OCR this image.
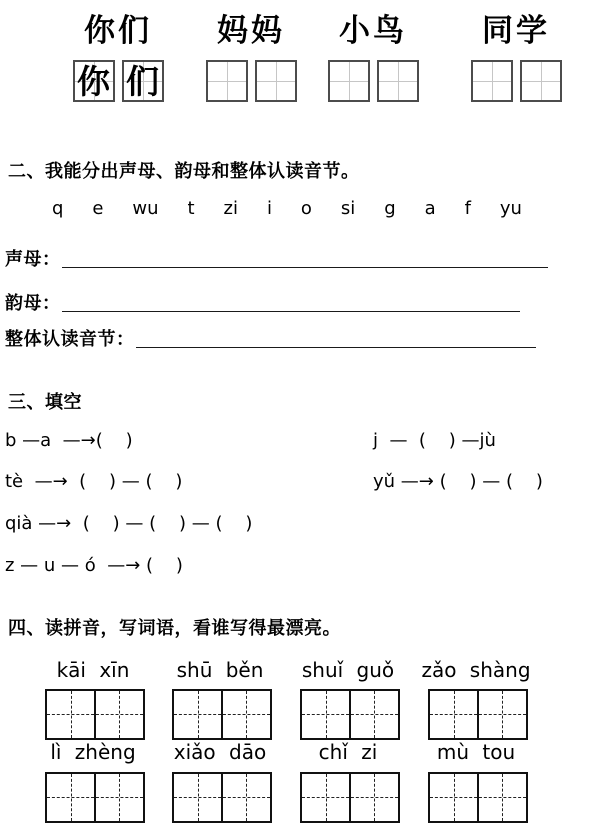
你们
你 们
妈妈	小鸟	同学
二、我能分出声母、韵母和整体认读音节。
q e wu t zi i o si g a f yu
声母：
韵母：
整体认读音节：
三、填空
b —a  —→(    )	j  —  (    ) —jù
tè  —→  (    ) — (    )	yǔ —→ (    ) — (    )
qià —→  (    ) — (    ) — (    )
z — u — ó  —→ (    )
四、读拼音，写词语，看谁写得最漂亮。
kāi xīn	shū běn	shuǐ guǒ	zǎo shàng
lì zhèng	xiǎo dāo	chǐ zi	mù tou
